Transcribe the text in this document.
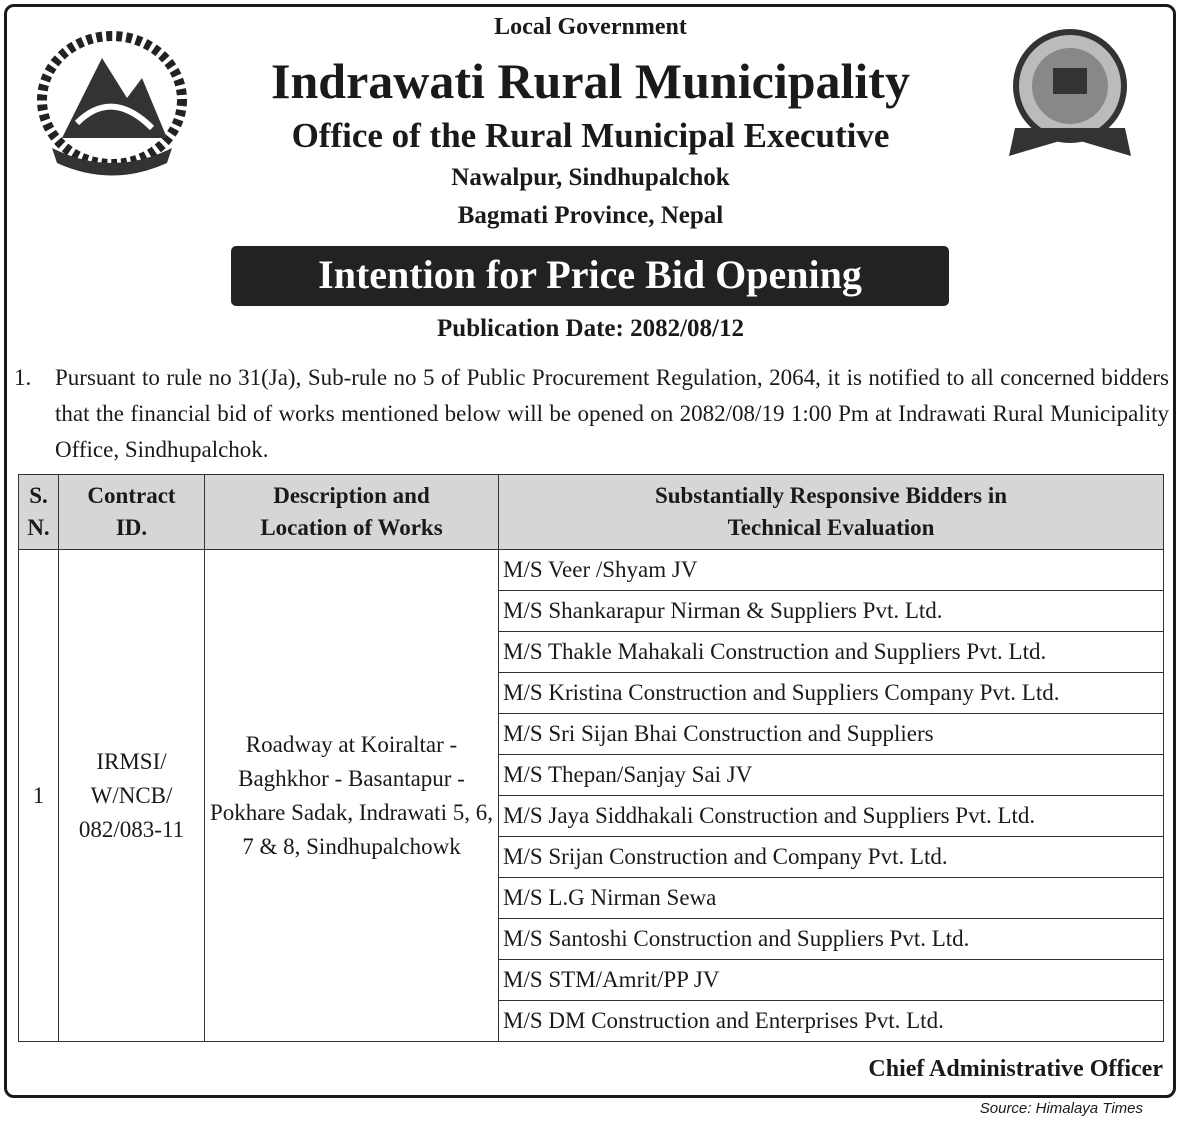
Local Government
Indrawati Rural Municipality
Office of the Rural Municipal Executive
Nawalpur, Sindhupalchok
Bagmati Province, Nepal
Intention for Price Bid Opening
Publication Date: 2082/08/12
1. Pursuant to rule no 31(Ja), Sub-rule no 5 of Public Procurement Regulation, 2064, it is notified to all concerned bidders that the financial bid of works mentioned below will be opened on 2082/08/19 1:00 Pm at Indrawati Rural Municipality Office, Sindhupalchok.
S. N.	Contract ID.	Description and Location of Works	Substantially Responsive Bidders in Technical Evaluation
1	IRMSI/ W/NCB/ 082/083-11	Roadway at Koiraltar - Baghkhor - Basantapur - Pokhare Sadak, Indrawati 5, 6, 7 & 8, Sindhupalchowk	M/S Veer /Shyam JV
			M/S Shankarapur Nirman & Suppliers Pvt. Ltd.
			M/S Thakle Mahakali Construction and Suppliers Pvt. Ltd.
			M/S Kristina Construction and Suppliers Company Pvt. Ltd.
			M/S Sri Sijan Bhai Construction and Suppliers
			M/S Thepan/Sanjay Sai JV
			M/S Jaya Siddhakali Construction and Suppliers Pvt. Ltd.
			M/S Srijan Construction and Company Pvt. Ltd.
			M/S L.G Nirman Sewa
			M/S Santoshi Construction and Suppliers Pvt. Ltd.
			M/S STM/Amrit/PP JV
			M/S DM Construction and Enterprises Pvt. Ltd.
Chief Administrative Officer
Source: Himalaya Times
